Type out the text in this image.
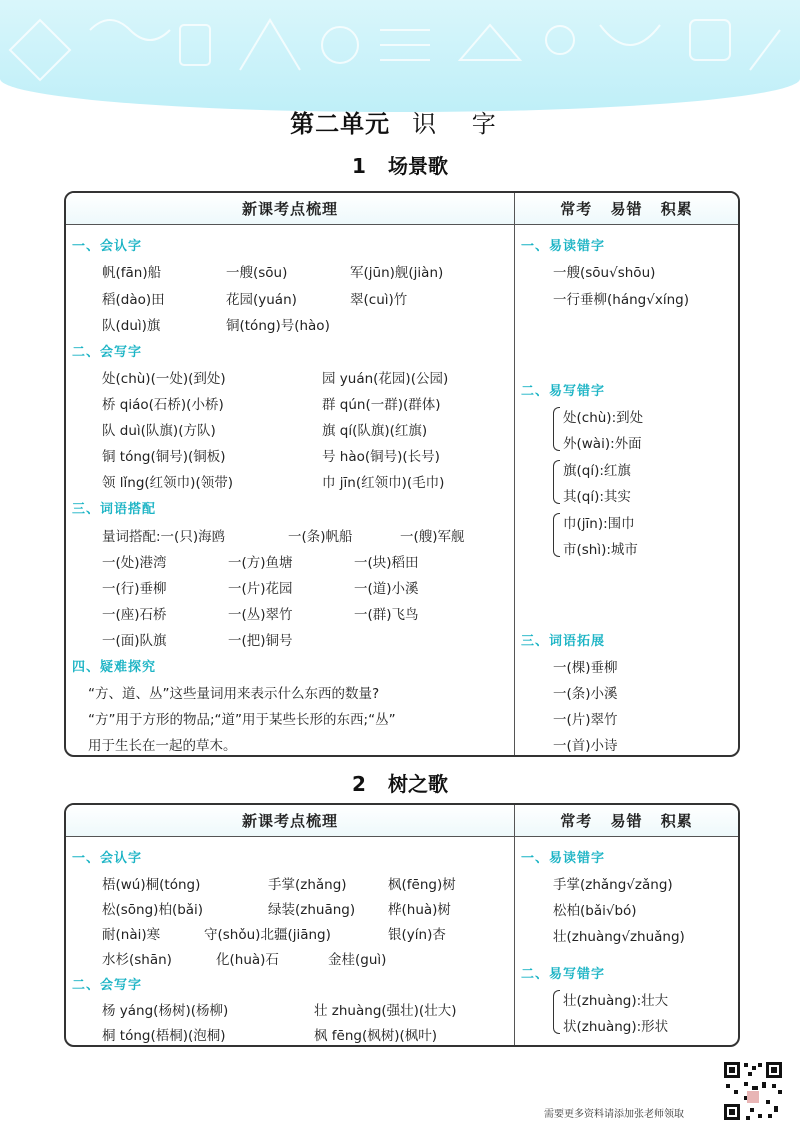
第二单元 识 字
1 场景歌
新课考点梳理
一、会认字
帆(fān)船	一艘(sōu)	军(jūn)舰(jiàn)
稻(dào)田	花园(yuán)	翠(cuì)竹
队(duì)旗	铜(tóng)号(hào)
二、会写字
处(chù)(一处)(到处)	园 yuán(花园)(公园)
桥 qiáo(石桥)(小桥)	群 qún(一群)(群体)
队 duì(队旗)(方队)	旗 qí(队旗)(红旗)
铜 tóng(铜号)(铜板)	号 hào(铜号)(长号)
领 lǐng(红领巾)(领带)	巾 jīn(红领巾)(毛巾)
三、词语搭配
量词搭配:一(只)海鸥	一(条)帆船	一(艘)军舰
一(处)港湾	一(方)鱼塘	一(块)稻田
一(行)垂柳	一(片)花园	一(道)小溪
一(座)石桥	一(丛)翠竹	一(群)飞鸟
一(面)队旗	一(把)铜号
四、疑难探究
“方、道、丛”这些量词用来表示什么东西的数量?
“方”用于方形的物品;“道”用于某些长形的东西;“丛”
用于生长在一起的草木。
常考 易错 积累
一、易读错字
一艘(sōu√shōu)
一行垂柳(háng√xíng)
二、易写错字
处(chù):到处
外(wài):外面
旗(qí):红旗
其(qí):其实
巾(jīn):围巾
市(shì):城市
三、词语拓展
一(棵)垂柳
一(条)小溪
一(片)翠竹
一(首)小诗
2 树之歌
新课考点梳理
一、会认字
梧(wú)桐(tóng)	手掌(zhǎng)	枫(fēng)树
松(sōng)柏(bǎi)	绿装(zhuāng) 桦(huà)树
耐(nài)寒	守(shǒu)北疆(jiāng)	银(yín)杏
水杉(shān)	化(huà)石	金桂(guì)
二、会写字
杨 yáng(杨树)(杨柳)	壮 zhuàng(强壮)(壮大)
桐 tóng(梧桐)(泡桐)	枫 fēng(枫树)(枫叶)
常考 易错 积累
一、易读错字
手掌(zhǎng√zǎng)
松柏(bǎi√bó)
壮(zhuàng√zhuǎng)
二、易写错字
壮(zhuàng):壮大
状(zhuàng):形状
需要更多资料请添加张老师领取
